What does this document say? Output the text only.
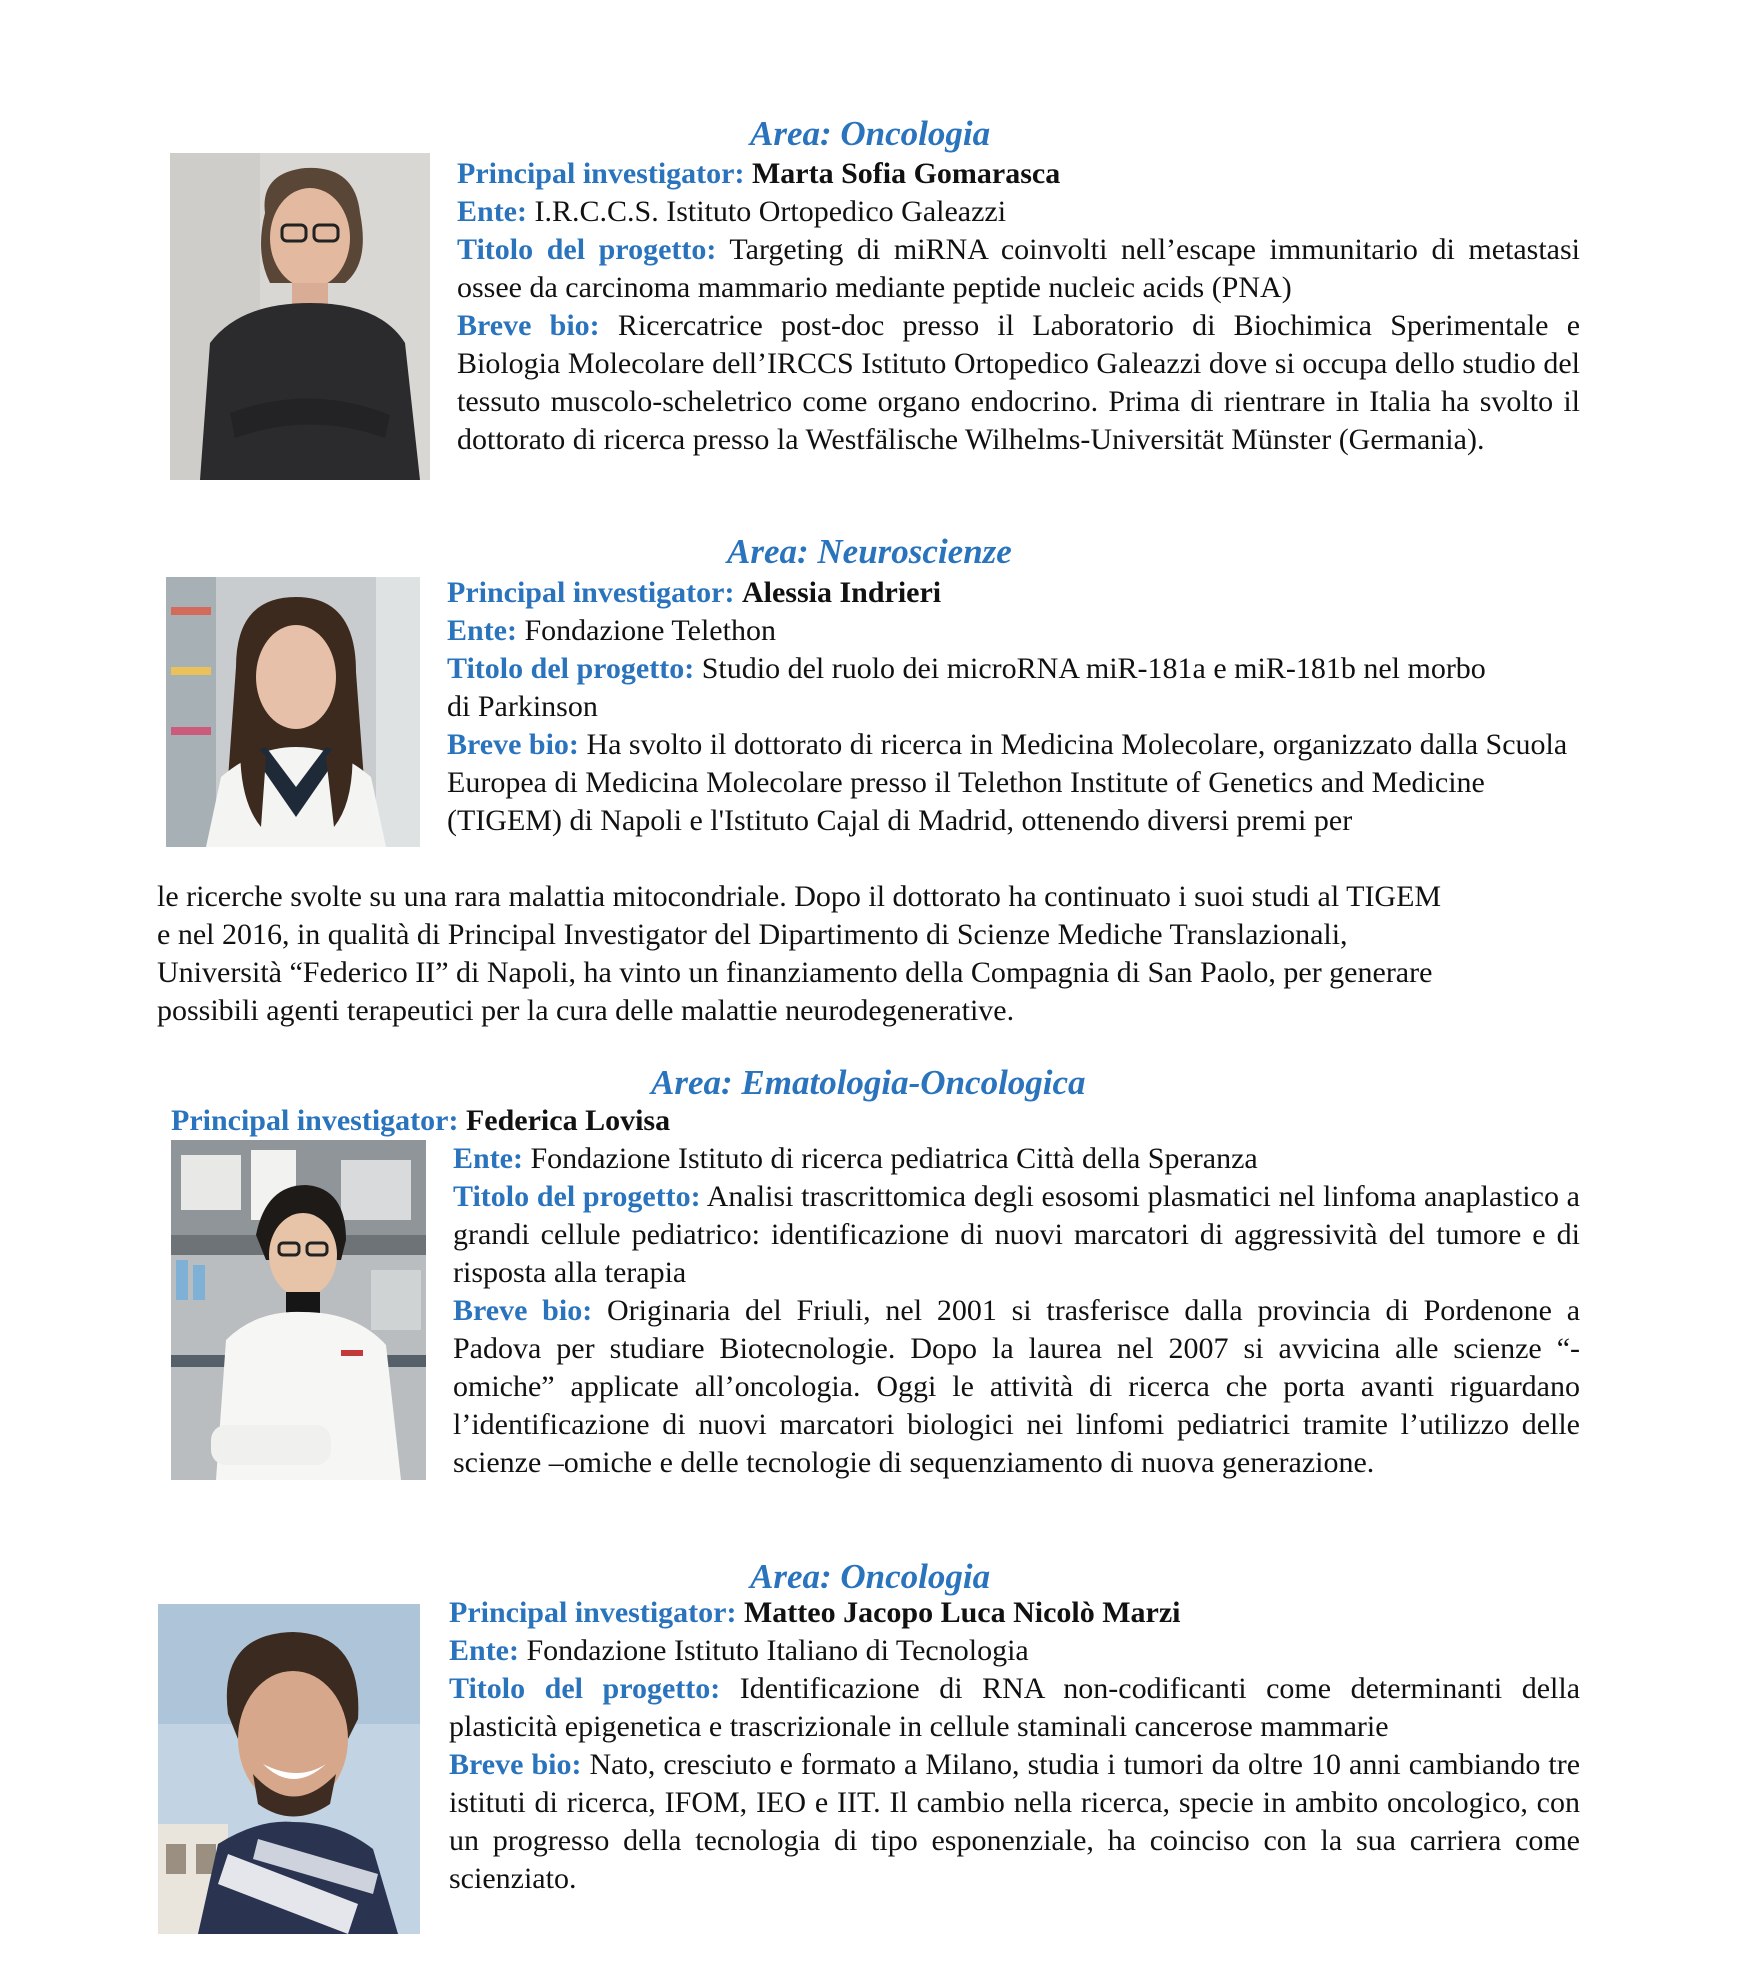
Area: Oncologia
Principal investigator: Marta Sofia Gomarasca
Ente: I.R.C.C.S. Istituto Ortopedico Galeazzi
Titolo del progetto: Targeting di miRNA coinvolti nell’escape immunitario di metastasi ossee da carcinoma mammario mediante peptide nucleic acids (PNA)
Breve bio: Ricercatrice post-doc presso il Laboratorio di Biochimica Sperimentale e Biologia Molecolare dell’IRCCS Istituto Ortopedico Galeazzi dove si occupa dello studio del tessuto muscolo-scheletrico come organo endocrino. Prima di rientrare in Italia ha svolto il dottorato di ricerca presso la Westfälische Wilhelms-Universität Münster (Germania).
Area: Neuroscienze
Principal investigator: Alessia Indrieri
Ente: Fondazione Telethon
Titolo del progetto: Studio del ruolo dei microRNA miR-181a e miR-181b nel morbo
di Parkinson
Breve bio: Ha svolto il dottorato di ricerca in Medicina Molecolare, organizzato dalla Scuola Europea di Medicina Molecolare presso il Telethon Institute of Genetics and Medicine (TIGEM) di Napoli e l'Istituto Cajal di Madrid, ottenendo diversi premi per
le ricerche svolte su una rara malattia mitocondriale. Dopo il dottorato ha continuato i suoi studi al TIGEM
e nel 2016, in qualità di Principal Investigator del Dipartimento di Scienze Mediche Translazionali,
Università “Federico II” di Napoli, ha vinto un finanziamento della Compagnia di San Paolo, per generare
possibili agenti terapeutici per la cura delle malattie neurodegenerative.
Area: Ematologia-Oncologica
Principal investigator: Federica Lovisa
Ente: Fondazione Istituto di ricerca pediatrica Città della Speranza
Titolo del progetto: Analisi trascrittomica degli esosomi plasmatici nel linfoma anaplastico a grandi cellule pediatrico: identificazione di nuovi marcatori di aggressività del tumore e di risposta alla terapia
Breve bio: Originaria del Friuli, nel 2001 si trasferisce dalla provincia di Pordenone a Padova per studiare Biotecnologie. Dopo la laurea nel 2007 si avvicina alle scienze “-omiche” applicate all’oncologia. Oggi le attività di ricerca che porta avanti riguardano l’identificazione di nuovi marcatori biologici nei linfomi pediatrici tramite l’utilizzo delle scienze –omiche e delle tecnologie di sequenziamento di nuova generazione.
Area: Oncologia
Principal investigator: Matteo Jacopo Luca Nicolò Marzi
Ente: Fondazione Istituto Italiano di Tecnologia
Titolo del progetto: Identificazione di RNA non-codificanti come determinanti della plasticità epigenetica e trascrizionale in cellule staminali cancerose mammarie
Breve bio: Nato, cresciuto e formato a Milano, studia i tumori da oltre 10 anni cambiando tre istituti di ricerca, IFOM, IEO e IIT. Il cambio nella ricerca, specie in ambito oncologico, con un progresso della tecnologia di tipo esponenziale, ha coinciso con la sua carriera come scienziato.
